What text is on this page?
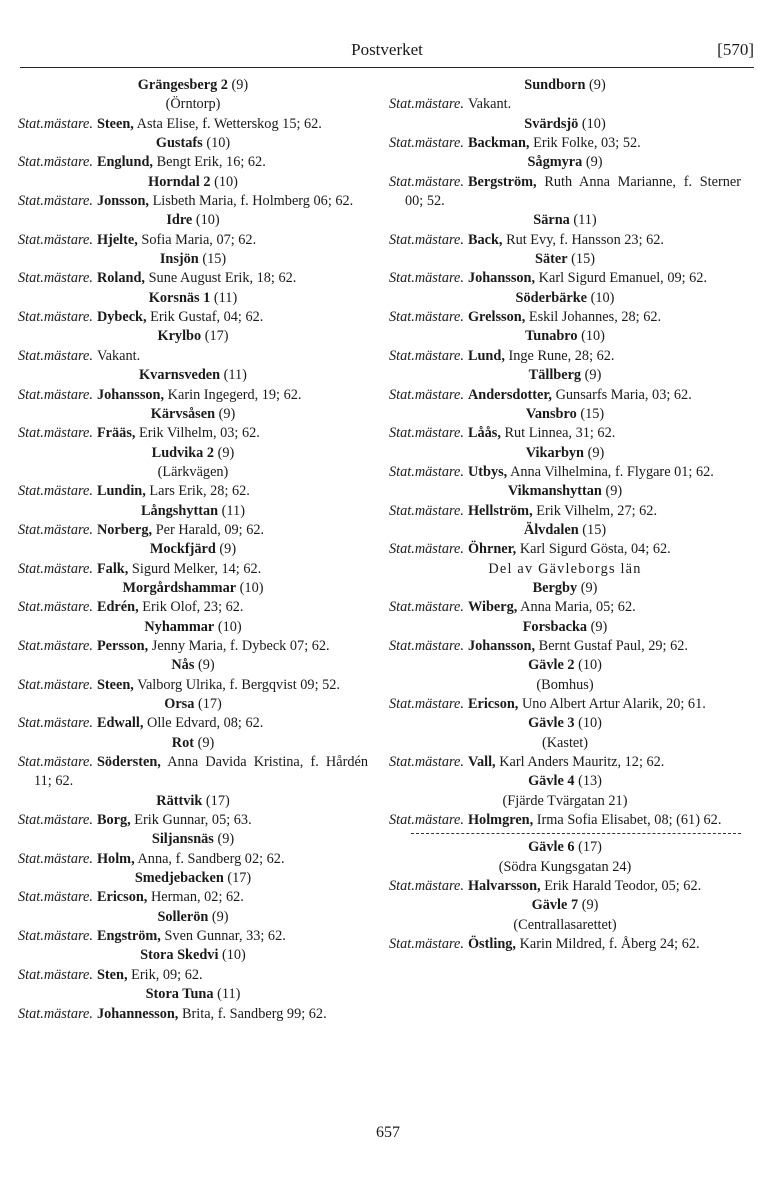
Postverket	[570]
Grängesberg 2 (9)
(Örntorp)
Stat.mästare. Steen, Asta Elise, f. Wetterskog 15; 62.
Gustafs (10)
Stat.mästare. Englund, Bengt Erik, 16; 62.
Horndal 2 (10)
Stat.mästare. Jonsson, Lisbeth Maria, f. Holmberg 06; 62.
Idre (10)
Stat.mästare. Hjelte, Sofia Maria, 07; 62.
Insjön (15)
Stat.mästare. Roland, Sune August Erik, 18; 62.
Korsnäs 1 (11)
Stat.mästare. Dybeck, Erik Gustaf, 04; 62.
Krylbo (17)
Stat.mästare. Vakant.
Kvarnsveden (11)
Stat.mästare. Johansson, Karin Ingegerd, 19; 62.
Kärvsåsen (9)
Stat.mästare. Frääs, Erik Vilhelm, 03; 62.
Ludvika 2 (9)
(Lärkvägen)
Stat.mästare. Lundin, Lars Erik, 28; 62.
Långshyttan (11)
Stat.mästare. Norberg, Per Harald, 09; 62.
Mockfjärd (9)
Stat.mästare. Falk, Sigurd Melker, 14; 62.
Morgårdshammar (10)
Stat.mästare. Edrén, Erik Olof, 23; 62.
Nyhammar (10)
Stat.mästare. Persson, Jenny Maria, f. Dybeck 07; 62.
Nås (9)
Stat.mästare. Steen, Valborg Ulrika, f. Bergqvist 09; 52.
Orsa (17)
Stat.mästare. Edwall, Olle Edvard, 08; 62.
Rot (9)
Stat.mästare. Södersten, Anna Davida Kristina, f. Hårdén 11; 62.
Rättvik (17)
Stat.mästare. Borg, Erik Gunnar, 05; 63.
Siljansnäs (9)
Stat.mästare. Holm, Anna, f. Sandberg 02; 62.
Smedjebacken (17)
Stat.mästare. Ericson, Herman, 02; 62.
Sollerön (9)
Stat.mästare. Engström, Sven Gunnar, 33; 62.
Stora Skedvi (10)
Stat.mästare. Sten, Erik, 09; 62.
Stora Tuna (11)
Stat.mästare. Johannesson, Brita, f. Sandberg 99; 62.
Sundborn (9)
Stat.mästare. Vakant.
Svärdsjö (10)
Stat.mästare. Backman, Erik Folke, 03; 52.
Sågmyra (9)
Stat.mästare. Bergström, Ruth Anna Marianne, f. Sterner 00; 52.
Särna (11)
Stat.mästare. Back, Rut Evy, f. Hansson 23; 62.
Säter (15)
Stat.mästare. Johansson, Karl Sigurd Emanuel, 09; 62.
Söderbärke (10)
Stat.mästare. Grelsson, Eskil Johannes, 28; 62.
Tunabro (10)
Stat.mästare. Lund, Inge Rune, 28; 62.
Tällberg (9)
Stat.mästare. Andersdotter, Gunsarfs Maria, 03; 62.
Vansbro (15)
Stat.mästare. Låås, Rut Linnea, 31; 62.
Vikarbyn (9)
Stat.mästare. Utbys, Anna Vilhelmina, f. Flygare 01; 62.
Vikmanshyttan (9)
Stat.mästare. Hellström, Erik Vilhelm, 27; 62.
Älvdalen (15)
Stat.mästare. Öhrner, Karl Sigurd Gösta, 04; 62.
Del av Gävleborgs län
Bergby (9)
Stat.mästare. Wiberg, Anna Maria, 05; 62.
Forsbacka (9)
Stat.mästare. Johansson, Bernt Gustaf Paul, 29; 62.
Gävle 2 (10)
(Bomhus)
Stat.mästare. Ericson, Uno Albert Artur Alarik, 20; 61.
Gävle 3 (10)
(Kastet)
Stat.mästare. Vall, Karl Anders Mauritz, 12; 62.
Gävle 4 (13)
(Fjärde Tvärgatan 21)
Stat.mästare. Holmgren, Irma Sofia Elisabet, 08; (61) 62.
Gävle 6 (17)
(Södra Kungsgatan 24)
Stat.mästare. Halvarsson, Erik Harald Teodor, 05; 62.
Gävle 7 (9)
(Centrallasarettet)
Stat.mästare. Östling, Karin Mildred, f. Åberg 24; 62.
657
